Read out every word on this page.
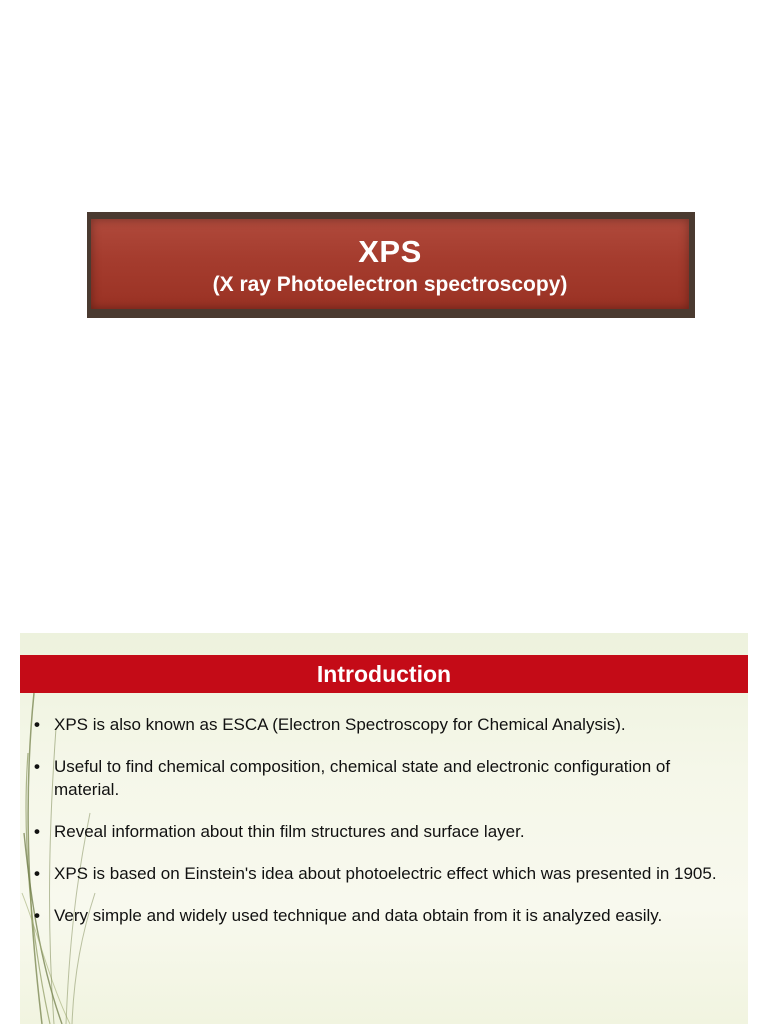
XPS
(X ray Photoelectron spectroscopy)
Introduction
• XPS is also known as ESCA (Electron Spectroscopy for Chemical Analysis).
• Useful to find chemical composition, chemical state and electronic configuration of material.
• Reveal information about thin film structures and surface layer.
• XPS is based on Einstein's idea about photoelectric effect which was presented in 1905.
• Very simple and widely used technique and data obtain from it is analyzed easily.
